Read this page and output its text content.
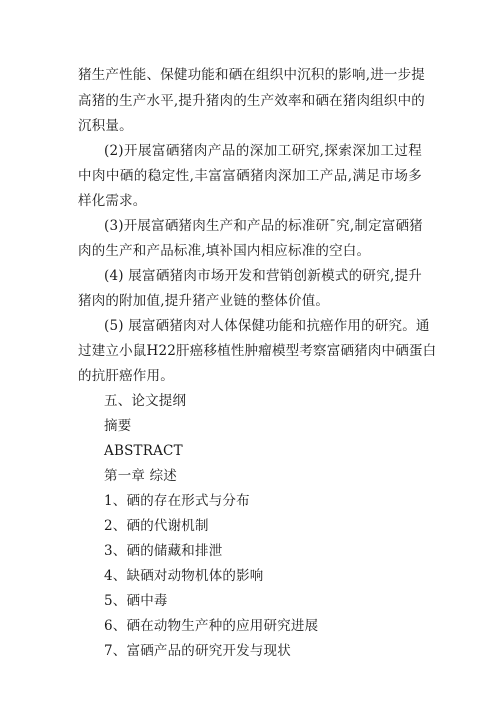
猪生产性能、保健功能和硒在组织中沉积的影响,进一步提
高猪的生产水平,提升猪肉的生产效率和硒在猪肉组织中的
沉积量。
(2)开展富硒猪肉产品的深加工研究,探索深加工过程
中肉中硒的稳定性,丰富富硒猪肉深加工产品,满足市场多
样化需求。
(3)开展富硒猪肉生产和产品的标准研ˉ究,制定富硒猪
肉的生产和产品标准,填补国内相应标准的空白。
(4) 展富硒猪肉市场开发和营销创新模式的研究,提升
猪肉的附加值,提升猪产业链的整体价值。
(5) 展富硒猪肉对人体保健功能和抗癌作用的研究。通
过建立小鼠H22肝癌移植性肿瘤模型考察富硒猪肉中硒蛋白
的抗肝癌作用。
五、论文提纲
摘要
ABSTRACT
第一章 综述
1、硒的存在形式与分布
2、硒的代谢机制
3、硒的储藏和排泄
4、缺硒对动物机体的影响
5、硒中毒
6、硒在动物生产种的应用研究进展
7、富硒产品的研究开发与现状
